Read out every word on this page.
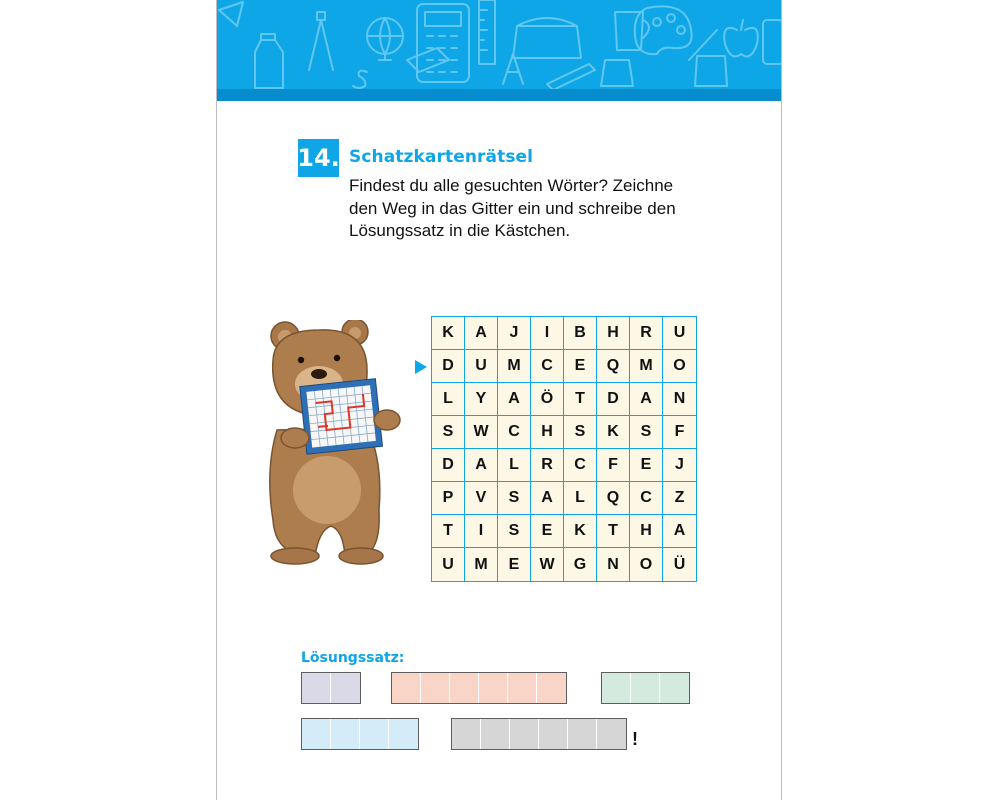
14. Schatzkartenrätsel
Findest du alle gesuchten Wörter? Zeichne
den Weg in das Gitter ein und schreibe den
Lösungssatz in die Kästchen.
K	A	J	I	B	H	R	U
D	U	M	C	E	Q	M	O
L	Y	A	Ö	T	D	A	N
S	W	C	H	S	K	S	F
D	A	L	R	C	F	E	J
P	V	S	A	L	Q	C	Z
T	I	S	E	K	T	H	A
U	M	E	W	G	N	O	Ü
Lösungssatz:
!
